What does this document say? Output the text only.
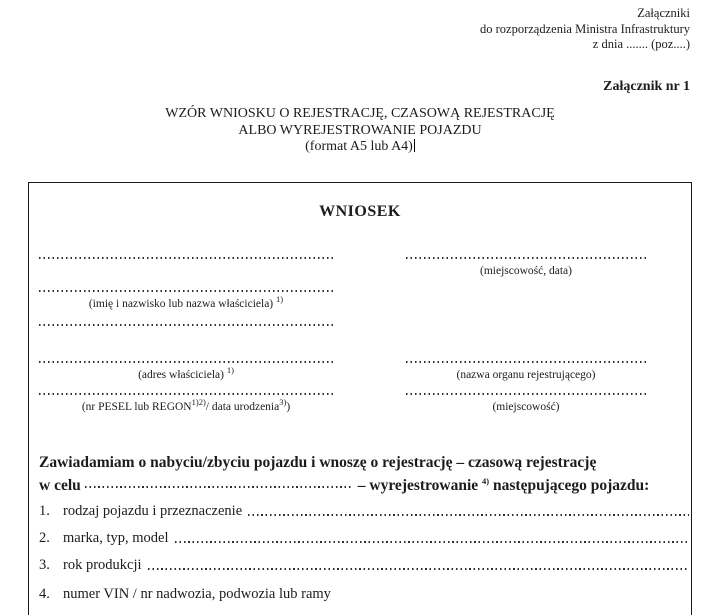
Załączniki
do rozporządzenia Ministra Infrastruktury
z dnia ....... (poz....)
Załącznik nr 1
WZÓR WNIOSKU O REJESTRACJĘ, CZASOWĄ REJESTRACJĘ
ALBO WYREJESTROWANIE POJAZDU
(format A5 lub A4)
WNIOSEK
(miejscowość, data)
(imię i nazwisko lub nazwa właściciela) $^{1)}$
(adres właściciela) $^{1)}$	(nazwa organu rejestrującego)
(nr PESEL lub $REGON^{1)2)}/$ data urodzenia$^{3)}$)	(miejscowość)
Zawiadamiam o nabyciu/zbyciu pojazdu i wnoszę o rejestrację – czasową rejestrację
w celu	– wyrejestrowanie $^{4)}$ następującego pojazdu:
1. rodzaj pojazdu i przeznaczenie
2. marka, typ, model
3. rok produkcji
4. numer VIN / nr nadwozia, podwozia lub ramy
